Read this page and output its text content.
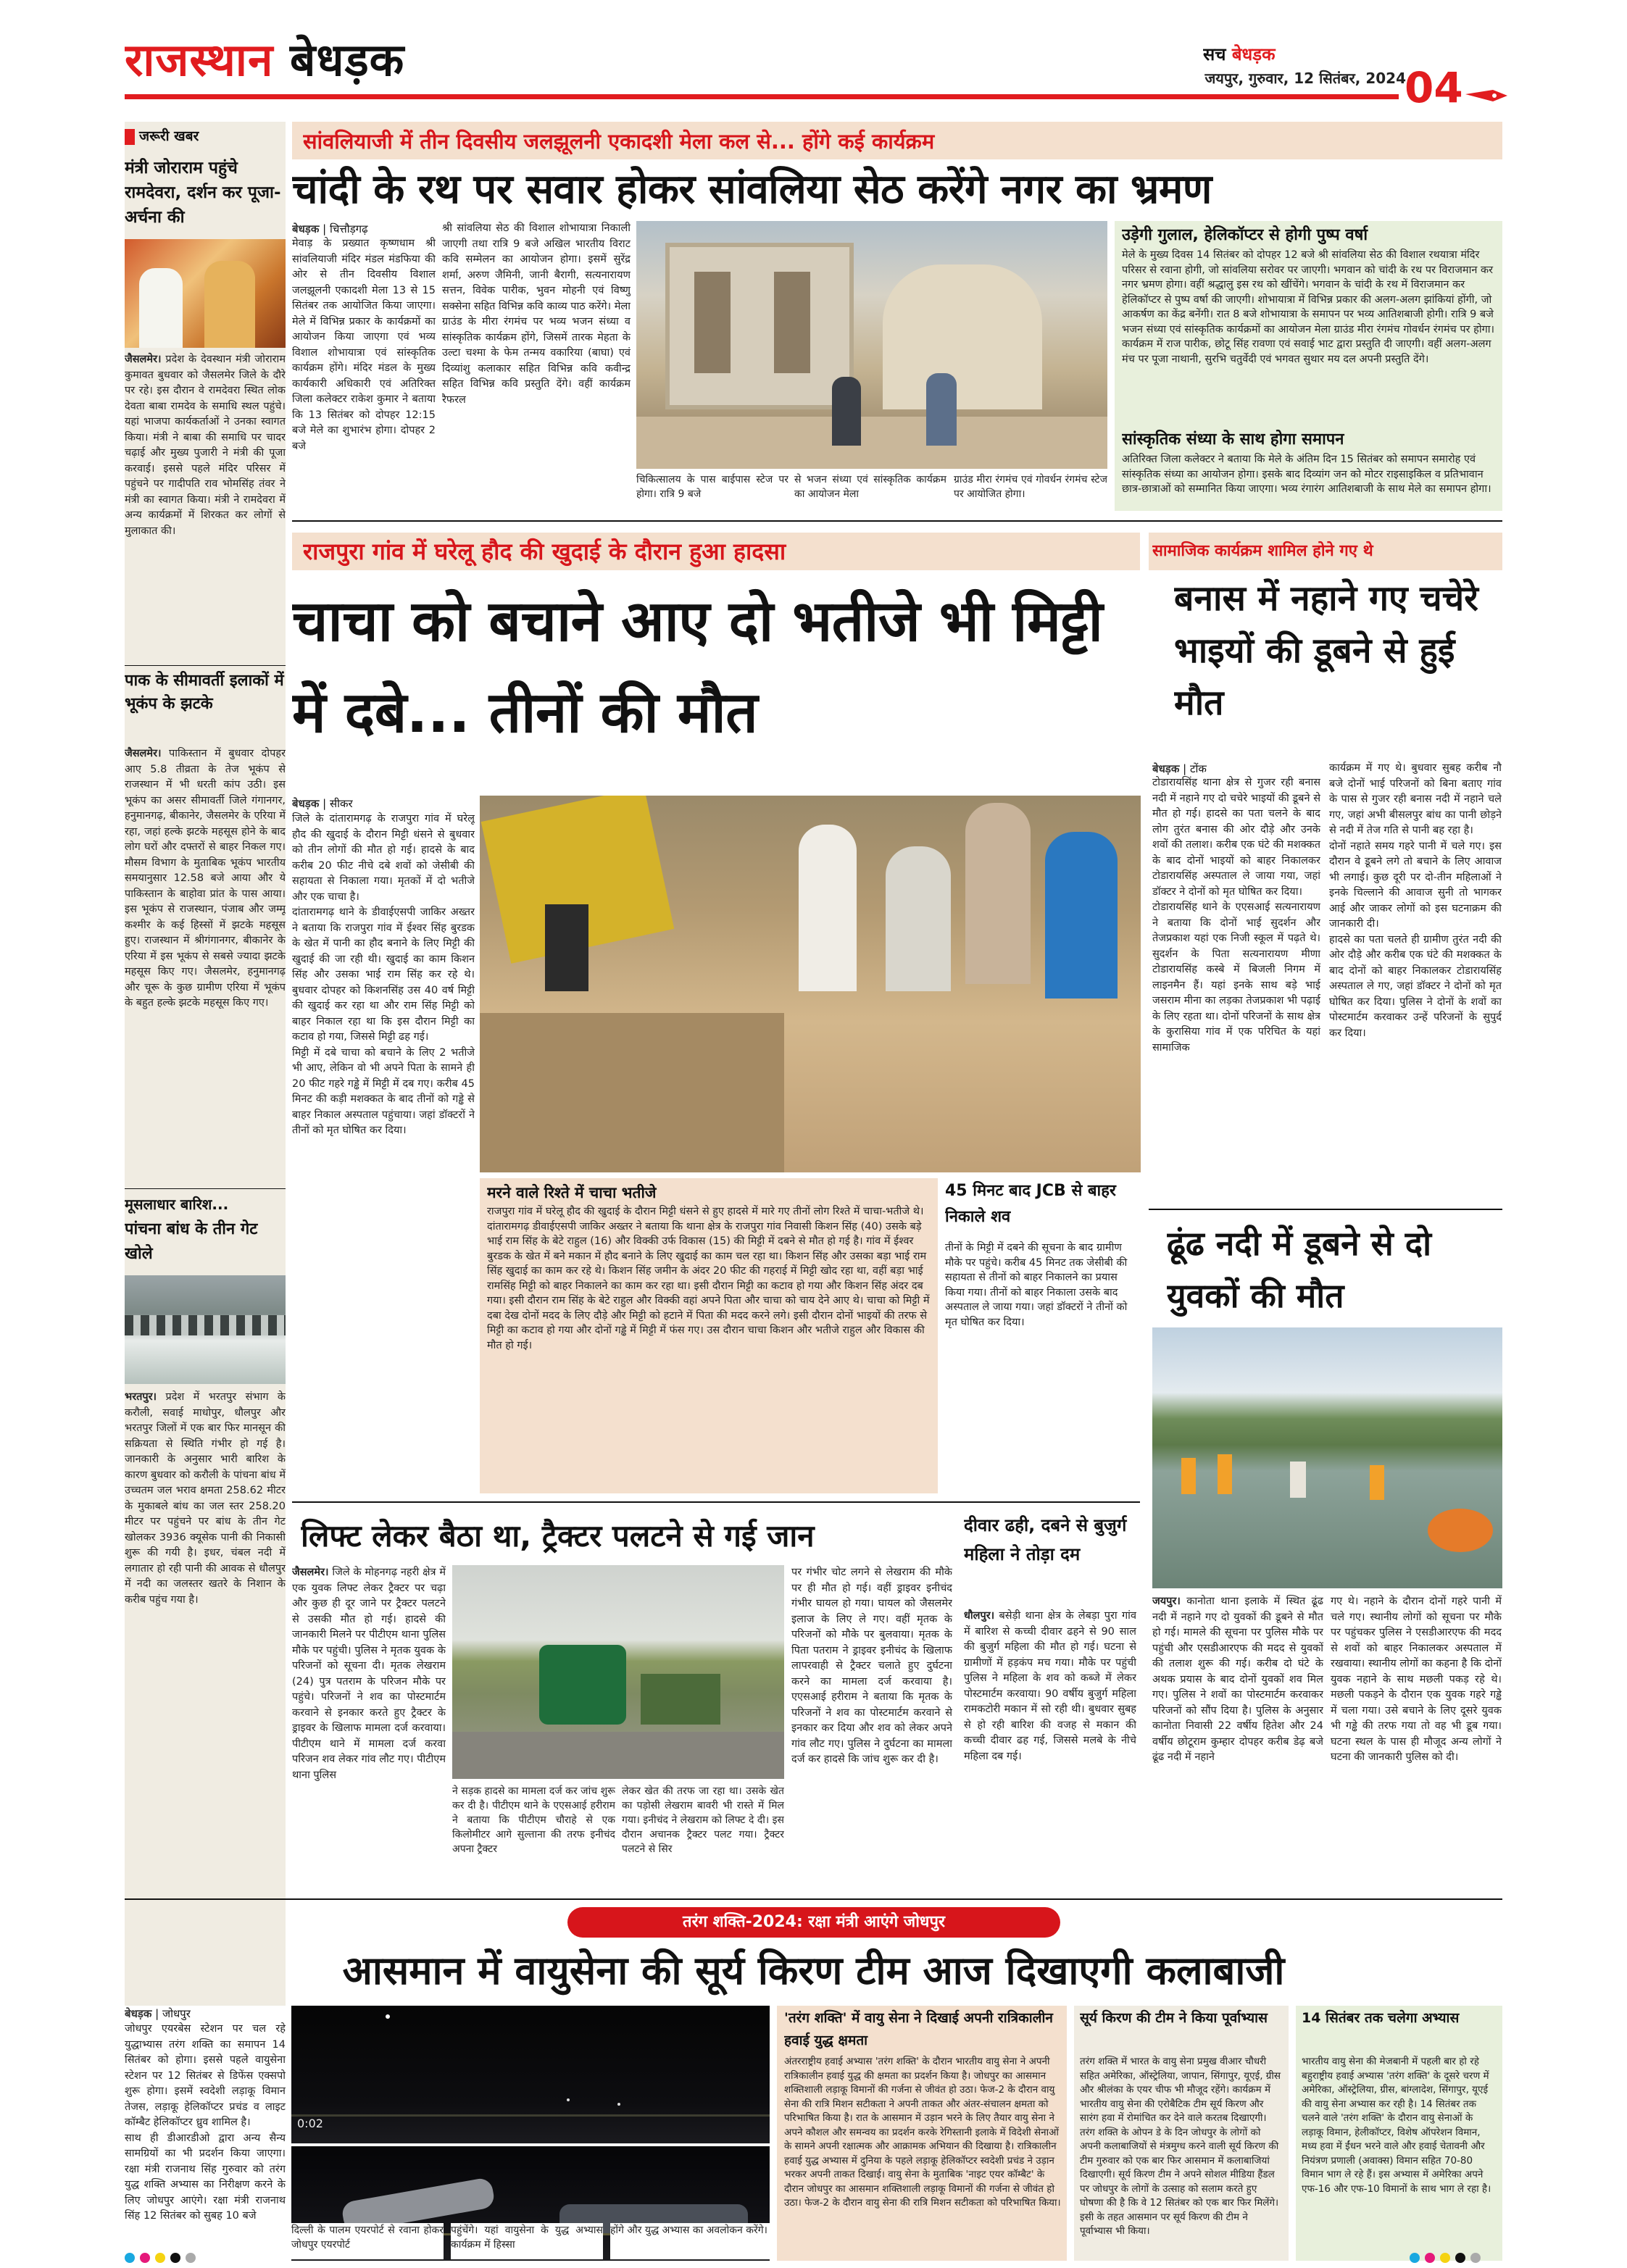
राजस्थान बेधड़क	सच बेधड़क
जयपुर, गुरुवार, 12 सितंबर, 2024
04
जरूरी खबर
मंत्री जोराराम पहुंचे रामदेवरा, दर्शन कर पूजा-अर्चना की
जैसलमेर। प्रदेश के देवस्थान मंत्री जोराराम कुमावत बुधवार को जैसलमेर जिले के दौरे पर रहे। इस दौरान वे रामदेवरा स्थित लोक देवता बाबा रामदेव के समाधि स्थल पहुंचे। यहां भाजपा कार्यकर्ताओं ने उनका स्वागत किया। मंत्री ने बाबा की समाधि पर चादर चढ़ाई और मुख्य पुजारी ने मंत्री की पूजा करवाई। इससे पहले मंदिर परिसर में पहुंचने पर गादीपति राव भोमसिंह तंवर ने मंत्री का स्वागत किया। मंत्री ने रामदेवरा में अन्य कार्यक्रमों में शिरकत कर लोगों से मुलाकात की।
पाक के सीमावर्ती इलाकों में भूकंप के झटके
जैसलमेर। पाकिस्तान में बुधवार दोपहर आए 5.8 तीव्रता के तेज भूकंप से राजस्थान में भी धरती कांप उठी। इस भूकंप का असर सीमावर्ती जिले गंगानगर, हनुमानगढ़, बीकानेर, जैसलमेर के एरिया में रहा, जहां हल्के झटके महसूस होने के बाद लोग घरों और दफ्तरों से बाहर निकल गए। मौसम विभाग के मुताबिक भूकंप भारतीय समयानुसार 12.58 बजे आया और ये पाकिस्तान के बाहोवा प्रांत के पास आया। इस भूकंप से राजस्थान, पंजाब और जम्मू कश्मीर के कई हिस्सों में झटके महसूस हुए। राजस्थान में श्रीगंगानगर, बीकानेर के एरिया में इस भूकंप से सबसे ज्यादा झटके महसूस किए गए। जैसलमेर, हनुमानगढ़ और चूरू के कुछ ग्रामीण एरिया में भूकंप के बहुत हल्के झटके महसूस किए गए।
मूसलाधार बारिश...
पांचना बांध के तीन गेट खोले
भरतपुर। प्रदेश में भरतपुर संभाग के करौली, सवाई माधोपुर, धौलपुर और भरतपुर जिलों में एक बार फिर मानसून की सक्रियता से स्थिति गंभीर हो गई है। जानकारी के अनुसार भारी बारिश के कारण बुधवार को करौली के पांचना बांध में उच्चतम जल भराव क्षमता 258.62 मीटर के मुकाबले बांध का जल स्तर 258.20 मीटर पर पहुंचने पर बांध के तीन गेट खोलकर 3936 क्यूसेक पानी की निकासी शुरू की गयी है। इधर, चंबल नदी में लगातार हो रही पानी की आवक से धौलपुर में नदी का जलस्तर खतरे के निशान के करीब पहुंच गया है।
सांवलियाजी में तीन दिवसीय जलझूलनी एकादशी मेला कल से... होंगे कई कार्यक्रम
चांदी के रथ पर सवार होकर सांवलिया सेठ करेंगे नगर का भ्रमण
बेधड़क | चित्तौड़गढ़
मेवाड़ के प्रख्यात कृष्णधाम श्री सांवलियाजी मंदिर मंडल मंडफिया की ओर से तीन दिवसीय विशाल जलझूलनी एकादशी मेला 13 से 15 सितंबर तक आयोजित किया जाएगा। मेले में विभिन्न प्रकार के कार्यक्रमों का आयोजन किया जाएगा एवं भव्य विशाल शोभायात्रा एवं सांस्कृतिक कार्यक्रम होंगे। मंदिर मंडल के मुख्य कार्यकारी अधिकारी एवं अतिरिक्त जिला कलेक्टर राकेश कुमार ने बताया कि 13 सितंबर को दोपहर 12:15 बजे मेले का शुभारंभ होगा। दोपहर 2 बजे
श्री सांवलिया सेठ की विशाल शोभायात्रा निकाली जाएगी तथा रात्रि 9 बजे अखिल भारतीय विराट कवि सम्मेलन का आयोजन होगा। इसमें सुरेंद्र शर्मा, अरुण जैमिनी, जानी बैरागी, सत्यनारायण सत्तन, विवेक पारीक, भुवन मोहनी एवं विष्णु सक्सेना सहित विभिन्न कवि काव्य पाठ करेंगे। मेला ग्राउंड के मीरा रंगमंच पर भव्य भजन संध्या व सांस्कृतिक कार्यक्रम होंगे, जिसमें तारक मेहता के उल्टा चश्मा के फेम तन्मय वकारिया (बाघा) एवं दिव्यांशु कलाकार सहित विभिन्न कवि कवीन्द्र सहित विभिन्न कवि प्रस्तुति देंगे। वहीं कार्यक्रम रैफरल
चिकित्सालय के पास बाईपास स्टेज पर होगा। रात्रि 9 बजे
से भजन संध्या एवं सांस्कृतिक कार्यक्रम का आयोजन मेला
ग्राउंड मीरा रंगमंच एवं गोवर्धन रंगमंच स्टेज पर आयोजित होगा।
उड़ेगी गुलाल, हेलिकॉप्टर से होगी पुष्प वर्षा
मेले के मुख्य दिवस 14 सितंबर को दोपहर 12 बजे श्री सांवलिया सेठ की विशाल रथयात्रा मंदिर परिसर से रवाना होगी, जो सांवलिया सरोवर पर जाएगी। भगवान को चांदी के रथ पर विराजमान कर नगर भ्रमण होगा। वहीं श्रद्धालु इस रथ को खींचेंगे। भगवान के चांदी के रथ में विराजमान कर हेलिकॉप्टर से पुष्प वर्षा की जाएगी। शोभायात्रा में विभिन्न प्रकार की अलग-अलग झांकियां होंगी, जो आकर्षण का केंद्र बनेंगी। रात 8 बजे शोभायात्रा के समापन पर भव्य आतिशबाजी होगी। रात्रि 9 बजे भजन संध्या एवं सांस्कृतिक कार्यक्रमों का आयोजन मेला ग्राउंड मीरा रंगमंच गोवर्धन रंगमंच पर होगा। कार्यक्रम में राज पारीक, छोटू सिंह रावणा एवं सवाई भाट द्वारा प्रस्तुति दी जाएगी। वहीं अलग-अलग मंच पर पूजा नाथानी, सुरभि चतुर्वेदी एवं भगवत सुथार मय दल अपनी प्रस्तुति देंगे।
सांस्कृतिक संध्या के साथ होगा समापन
अतिरिक्त जिला कलेक्टर ने बताया कि मेले के अंतिम दिन 15 सितंबर को समापन समारोह एवं सांस्कृतिक संध्या का आयोजन होगा। इसके बाद दिव्यांग जन को मोटर राइसाइकिल व प्रतिभावान छात्र-छात्राओं को सम्मानित किया जाएगा। भव्य रंगारंग आतिशबाजी के साथ मेले का समापन होगा।
राजपुरा गांव में घरेलू हौद की खुदाई के दौरान हुआ हादसा
चाचा को बचाने आए दो भतीजे भी मिट्टी में दबे... तीनों की मौत
बेधड़क | सीकर
जिले के दांतारामगढ़ के राजपुरा गांव में घरेलू हौद की खुदाई के दौरान मिट्टी धंसने से बुधवार को तीन लोगों की मौत हो गई। हादसे के बाद करीब 20 फीट नीचे दबे शवों को जेसीबी की सहायता से निकाला गया। मृतकों में दो भतीजे और एक चाचा है।
दांतारामगढ़ थाने के डीवाईएसपी जाकिर अख्तर ने बताया कि राजपुरा गांव में ईश्वर सिंह बुरडक के खेत में पानी का हौद बनाने के लिए मिट्टी की खुदाई की जा रही थी। खुदाई का काम किशन सिंह और उसका भाई राम सिंह कर रहे थे। बुधवार दोपहर को किशनसिंह उस 40 वर्ष मिट्टी की खुदाई कर रहा था और राम सिंह मिट्टी को बाहर निकाल रहा था कि इस दौरान मिट्टी का कटाव हो गया, जिससे मिट्टी ढह गई।
मिट्टी में दबे चाचा को बचाने के लिए 2 भतीजे भी आए, लेकिन वो भी अपने पिता के सामने ही 20 फीट गहरे गड्ढे में मिट्टी में दब गए। करीब 45 मिनट की कड़ी मशक्कत के बाद तीनों को गड्ढे से बाहर निकाल अस्पताल पहुंचाया। जहां डॉक्टरों ने तीनों को मृत घोषित कर दिया।
मरने वाले रिश्ते में चाचा भतीजे
राजपुरा गांव में घरेलू हौद की खुदाई के दौरान मिट्टी धंसने से हुए हादसे में मारे गए तीनों लोग रिश्ते में चाचा-भतीजे थे। दांतारामगढ़ डीवाईएसपी जाकिर अख्तर ने बताया कि थाना क्षेत्र के राजपुरा गांव निवासी किशन सिंह (40) उसके बड़े भाई राम सिंह के बेटे राहुल (16) और विक्की उर्फ विकास (15) की मिट्टी में दबने से मौत हो गई है। गांव में ईश्वर बुरडक के खेत में बने मकान में हौद बनाने के लिए खुदाई का काम चल रहा था। किशन सिंह और उसका बड़ा भाई राम सिंह खुदाई का काम कर रहे थे। किशन सिंह जमीन के अंदर 20 फीट की गहराई में मिट्टी खोद रहा था, वहीं बड़ा भाई रामसिंह मिट्टी को बाहर निकालने का काम कर रहा था। इसी दौरान मिट्टी का कटाव हो गया और किशन सिंह अंदर दब गया। इसी दौरान राम सिंह के बेटे राहुल और विक्की वहां अपने पिता और चाचा को चाय देने आए थे। चाचा को मिट्टी में दबा देख दोनों मदद के लिए दौड़े और मिट्टी को हटाने में पिता की मदद करने लगे। इसी दौरान दोनों भाइयों की तरफ से मिट्टी का कटाव हो गया और दोनों गड्ढे में मिट्टी में फंस गए। उस दौरान चाचा किशन और भतीजे राहुल और विकास की मौत हो गई।
45 मिनट बाद JCB से बाहर निकाले शव
तीनों के मिट्टी में दबने की सूचना के बाद ग्रामीण मौके पर पहुंचे। करीब 45 मिनट तक जेसीबी की सहायता से तीनों को बाहर निकालने का प्रयास किया गया। तीनों को बाहर निकाला उसके बाद अस्पताल ले जाया गया। जहां डॉक्टरों ने तीनों को मृत घोषित कर दिया।
सामाजिक कार्यक्रम शामिल होने गए थे
बनास में नहाने गए चचेरे भाइयों की डूबने से हुई मौत
बेधड़क | टोंक
टोडारायसिंह थाना क्षेत्र से गुजर रही बनास नदी में नहाने गए दो चचेरे भाइयों की डूबने से मौत हो गई। हादसे का पता चलने के बाद लोग तुरंत बनास की ओर दौड़े और उनके शवों की तलाश। करीब एक घंटे की मशक्कत के बाद दोनों भाइयों को बाहर निकालकर टोडारायसिंह अस्पताल ले जाया गया, जहां डॉक्टर ने दोनों को मृत घोषित कर दिया।
टोडारायसिंह थाने के एएसआई सत्यनारायण ने बताया कि दोनों भाई सुदर्शन और तेजप्रकाश यहां एक निजी स्कूल में पढ़ते थे। सुदर्शन के पिता सत्यनारायण मीणा टोडारायसिंह कस्बे में बिजली निगम में लाइनमैन हैं। यहां इनके साथ बड़े भाई जसराम मीना का लड़का तेजप्रकाश भी पढ़ाई के लिए रहता था। दोनों परिजनों के साथ क्षेत्र के कुरासिया गांव में एक परिचित के यहां सामाजिक
कार्यक्रम में गए थे। बुधवार सुबह करीब नौ बजे दोनों भाई परिजनों को बिना बताए गांव के पास से गुजर रही बनास नदी में नहाने चले गए, जहां अभी बीसलपुर बांध का पानी छोड़ने से नदी में तेज गति से पानी बह रहा है।
दोनों नहाते समय गहरे पानी में चले गए। इस दौरान वे डूबने लगे तो बचाने के लिए आवाज भी लगाई। कुछ दूरी पर दो-तीन महिलाओं ने इनके चिल्लाने की आवाज सुनी तो भागकर आई और जाकर लोगों को इस घटनाक्रम की जानकारी दी।
हादसे का पता चलते ही ग्रामीण तुरंत नदी की ओर दौड़े और करीब एक घंटे की मशक्कत के बाद दोनों को बाहर निकालकर टोडारायसिंह अस्पताल ले गए, जहां डॉक्टर ने दोनों को मृत घोषित कर दिया। पुलिस ने दोनों के शवों का पोस्टमार्टम करवाकर उन्हें परिजनों के सुपुर्द कर दिया।
ढूंढ नदी में डूबने से दो युवकों की मौत
जयपुर। कानोता थाना इलाके में स्थित ढूंढ नदी में नहाने गए दो युवकों की डूबने से मौत हो गई। मामले की सूचना पर पुलिस मौके पर पहुंची और एसडीआरएफ की मदद से युवकों की तलाश शुरू की गई। करीब दो घंटे के अथक प्रयास के बाद दोनों युवकों शव मिल गए। पुलिस ने शवों का पोस्टमार्टम करवाकर परिजनों को सौंप दिया है। पुलिस के अनुसार कानोता निवासी 22 वर्षीय हितेश और 24 वर्षीय छोटूराम कुम्हार दोपहर करीब डेढ़ बजे ढूंढ नदी में नहाने
गए थे। नहाने के दौरान दोनों गहरे पानी में चले गए। स्थानीय लोगों को सूचना पर मौके पर पहुंचकर पुलिस ने एसडीआरएफ की मदद से शवों को बाहर निकालकर अस्पताल में रखवाया। स्थानीय लोगों का कहना है कि दोनों युवक नहाने के साथ मछली पकड़ रहे थे। मछली पकड़ने के दौरान एक युवक गहरे गड्ढे में चला गया। उसे बचाने के लिए दूसरे युवक भी गड्ढे की तरफ गया तो वह भी डूब गया। घटना स्थल के पास ही मौजूद अन्य लोगों ने घटना की जानकारी पुलिस को दी।
लिफ्ट लेकर बैठा था, ट्रैक्टर पलटने से गई जान
जैसलमेर। जिले के मोहनगढ़ नहरी क्षेत्र में एक युवक लिफ्ट लेकर ट्रैक्टर पर चढ़ा और कुछ ही दूर जाने पर ट्रैक्टर पलटने से उसकी मौत हो गई। हादसे की जानकारी मिलने पर पीटीएम थाना पुलिस मौके पर पहुंची। पुलिस ने मृतक युवक के परिजनों को सूचना दी। मृतक लेखराम (24) पुत्र पतराम के परिजन मौके पर पहुंचे। परिजनों ने शव का पोस्टमार्टम करवाने से इनकार करते हुए ट्रैक्टर के ड्राइवर के खिलाफ मामला दर्ज करवाया। पीटीएम थाने में मामला दर्ज करवा परिजन शव लेकर गांव लौट गए। पीटीएम थाना पुलिस
ने सड़क हादसे का मामला दर्ज कर जांच शुरू कर दी है। पीटीएम थाने के एएसआई हरीराम ने बताया कि पीटीएम चौराहे से एक किलोमीटर आगे सुल्ताना की तरफ इनीचंद अपना ट्रैक्टर
लेकर खेत की तरफ जा रहा था। उसके खेत का पड़ोसी लेखराम बावरी भी रास्ते में मिल गया। इनीचंद ने लेखराम को लिफ्ट दे दी। इस दौरान अचानक ट्रैक्टर पलट गया। ट्रैक्टर पलटने से सिर
पर गंभीर चोट लगने से लेखराम की मौके पर ही मौत हो गई। वहीं ड्राइवर इनीचंद गंभीर घायल हो गया। घायल को जैसलमेर इलाज के लिए ले गए। वहीं मृतक के परिजनों को मौके पर बुलवाया। मृतक के पिता पतराम ने ड्राइवर इनीचंद के खिलाफ लापरवाही से ट्रैक्टर चलाते हुए दुर्घटना करने का मामला दर्ज करवाया है। एएसआई हरीराम ने बताया कि मृतक के परिजनों ने शव का पोस्टमार्टम करवाने से इनकार कर दिया और शव को लेकर अपने गांव लौट गए। पुलिस ने दुर्घटना का मामला दर्ज कर हादसे कि जांच शुरू कर दी है।
दीवार ढही, दबने से बुजुर्ग महिला ने तोड़ा दम
धौलपुर। बसेड़ी थाना क्षेत्र के लेबड़ा पुरा गांव में बारिश से कच्ची दीवार ढहने से 90 साल की बुजुर्ग महिला की मौत हो गई। घटना से ग्रामीणों में हड़कंप मच गया। मौके पर पहुंची पुलिस ने महिला के शव को कब्जे में लेकर पोस्टमार्टम करवाया। 90 वर्षीय बुजुर्ग महिला रामकटोरी मकान में सो रही थी। बुधवार सुबह से हो रही बारिश की वजह से मकान की कच्ची दीवार ढह गई, जिससे मलबे के नीचे महिला दब गई।
तरंग शक्ति-2024: रक्षा मंत्री आएंगे जोधपुर
आसमान में वायुसेना की सूर्य किरण टीम आज दिखाएगी कलाबाजी
बेधड़क | जोधपुर
जोधपुर एयरबेस स्टेशन पर चल रहे युद्धाभ्यास तरंग शक्ति का समापन 14 सितंबर को होगा। इससे पहले वायुसेना स्टेशन पर 12 सितंबर से डिफेंस एक्सपो शुरू होगा। इसमें स्वदेशी लड़ाकू विमान तेजस, लड़ाकू हेलिकॉप्टर प्रचंड व लाइट कॉम्बैट हेलिकॉप्टर ध्रुव शामिल है।
साथ ही डीआरडीओ द्वारा अन्य सैन्य सामग्रियों का भी प्रदर्शन किया जाएगा। रक्षा मंत्री राजनाथ सिंह गुरुवार को तरंग युद्ध शक्ति अभ्यास का निरीक्षण करने के लिए जोधपुर आएंगे। रक्षा मंत्री राजनाथ सिंह 12 सितंबर को सुबह 10 बजे
0:02
दिल्ली के पालम एयरपोर्ट से रवाना होकर जोधपुर एयरपोर्ट
पहुंचेंगे। यहां वायुसेना के युद्ध अभ्यास कार्यक्रम में हिस्सा
होंगे और युद्ध अभ्यास का अवलोकन करेंगे।
'तरंग शक्ति' में वायु सेना ने दिखाई अपनी रात्रिकालीन हवाई युद्ध क्षमता
अंतरराष्ट्रीय हवाई अभ्यास 'तरंग शक्ति' के दौरान भारतीय वायु सेना ने अपनी रात्रिकालीन हवाई युद्ध की क्षमता का प्रदर्शन किया है। जोधपुर का आसमान शक्तिशाली लड़ाकू विमानों की गर्जना से जीवंत हो उठा। फेज-2 के दौरान वायु सेना की रात्रि मिशन सटीकता ने अपनी ताकत और अंतर-संचालन क्षमता को परिभाषित किया है। रात के आसमान में उड़ान भरने के लिए तैयार वायु सेना ने अपने कौशल और समन्वय का प्रदर्शन करके रेगिस्तानी इलाके में विदेशी सेनाओं के सामने अपनी रक्षात्मक और आक्रामक अभियान की दिखाया है। रात्रिकालीन हवाई युद्ध अभ्यास में दुनिया के पहले लड़ाकू हेलिकॉप्टर स्वदेशी प्रचंड ने उड़ान भरकर अपनी ताकत दिखाई। वायु सेना के मुताबिक 'नाइट एयर कॉम्बैट' के दौरान जोधपुर का आसमान शक्तिशाली लड़ाकू विमानों की गर्जना से जीवंत हो उठा। फेज-2 के दौरान वायु सेना की रात्रि मिशन सटीकता को परिभाषित किया।
सूर्य किरण की टीम ने किया पूर्वाभ्यास
तरंग शक्ति में भारत के वायु सेना प्रमुख वीआर चौधरी सहित अमेरिका, ऑस्ट्रेलिया, जापान, सिंगापुर, यूएई, ग्रीस और श्रीलंका के एयर चीफ भी मौजूद रहेंगे। कार्यक्रम में भारतीय वायु सेना की एरोबैटिक टीम सूर्य किरण और सारंग हवा में रोमांचित कर देने वाले करतब दिखाएगी। तरंग शक्ति के ओपन डे के दिन जोधपुर के लोगों को अपनी कलाबाजियों से मंत्रमुग्ध करने वाली सूर्य किरण की टीम गुरुवार को एक बार फिर आसमान में कलाबाजियां दिखाएगी। सूर्य किरण टीम ने अपने सोशल मीडिया हैंडल पर जोधपुर के लोगों के उत्साह को सलाम करते हुए घोषणा की है कि वे 12 सितंबर को एक बार फिर मिलेंगे। इसी के तहत आसमान पर सूर्य किरण की टीम ने पूर्वाभ्यास भी किया।
14 सितंबर तक चलेगा अभ्यास
भारतीय वायु सेना की मेजबानी में पहली बार हो रहे बहुराष्ट्रीय हवाई अभ्यास 'तरंग शक्ति' के दूसरे चरण में अमेरिका, ऑस्ट्रेलिया, ग्रीस, बांग्लादेश, सिंगापुर, यूएई की वायु सेना अभ्यास कर रही है। 14 सितंबर तक चलने वाले 'तरंग शक्ति' के दौरान वायु सेनाओं के लड़ाकू विमान, हेलीकॉप्टर, विशेष ऑपरेशन विमान, मध्य हवा में ईंधन भरने वाले और हवाई चेतावनी और नियंत्रण प्रणाली (अवाक्स) विमान सहित 70-80 विमान भाग ले रहे हैं। इस अभ्यास में अमेरिका अपने एफ-16 और एफ-10 विमानों के साथ भाग ले रहा है।
